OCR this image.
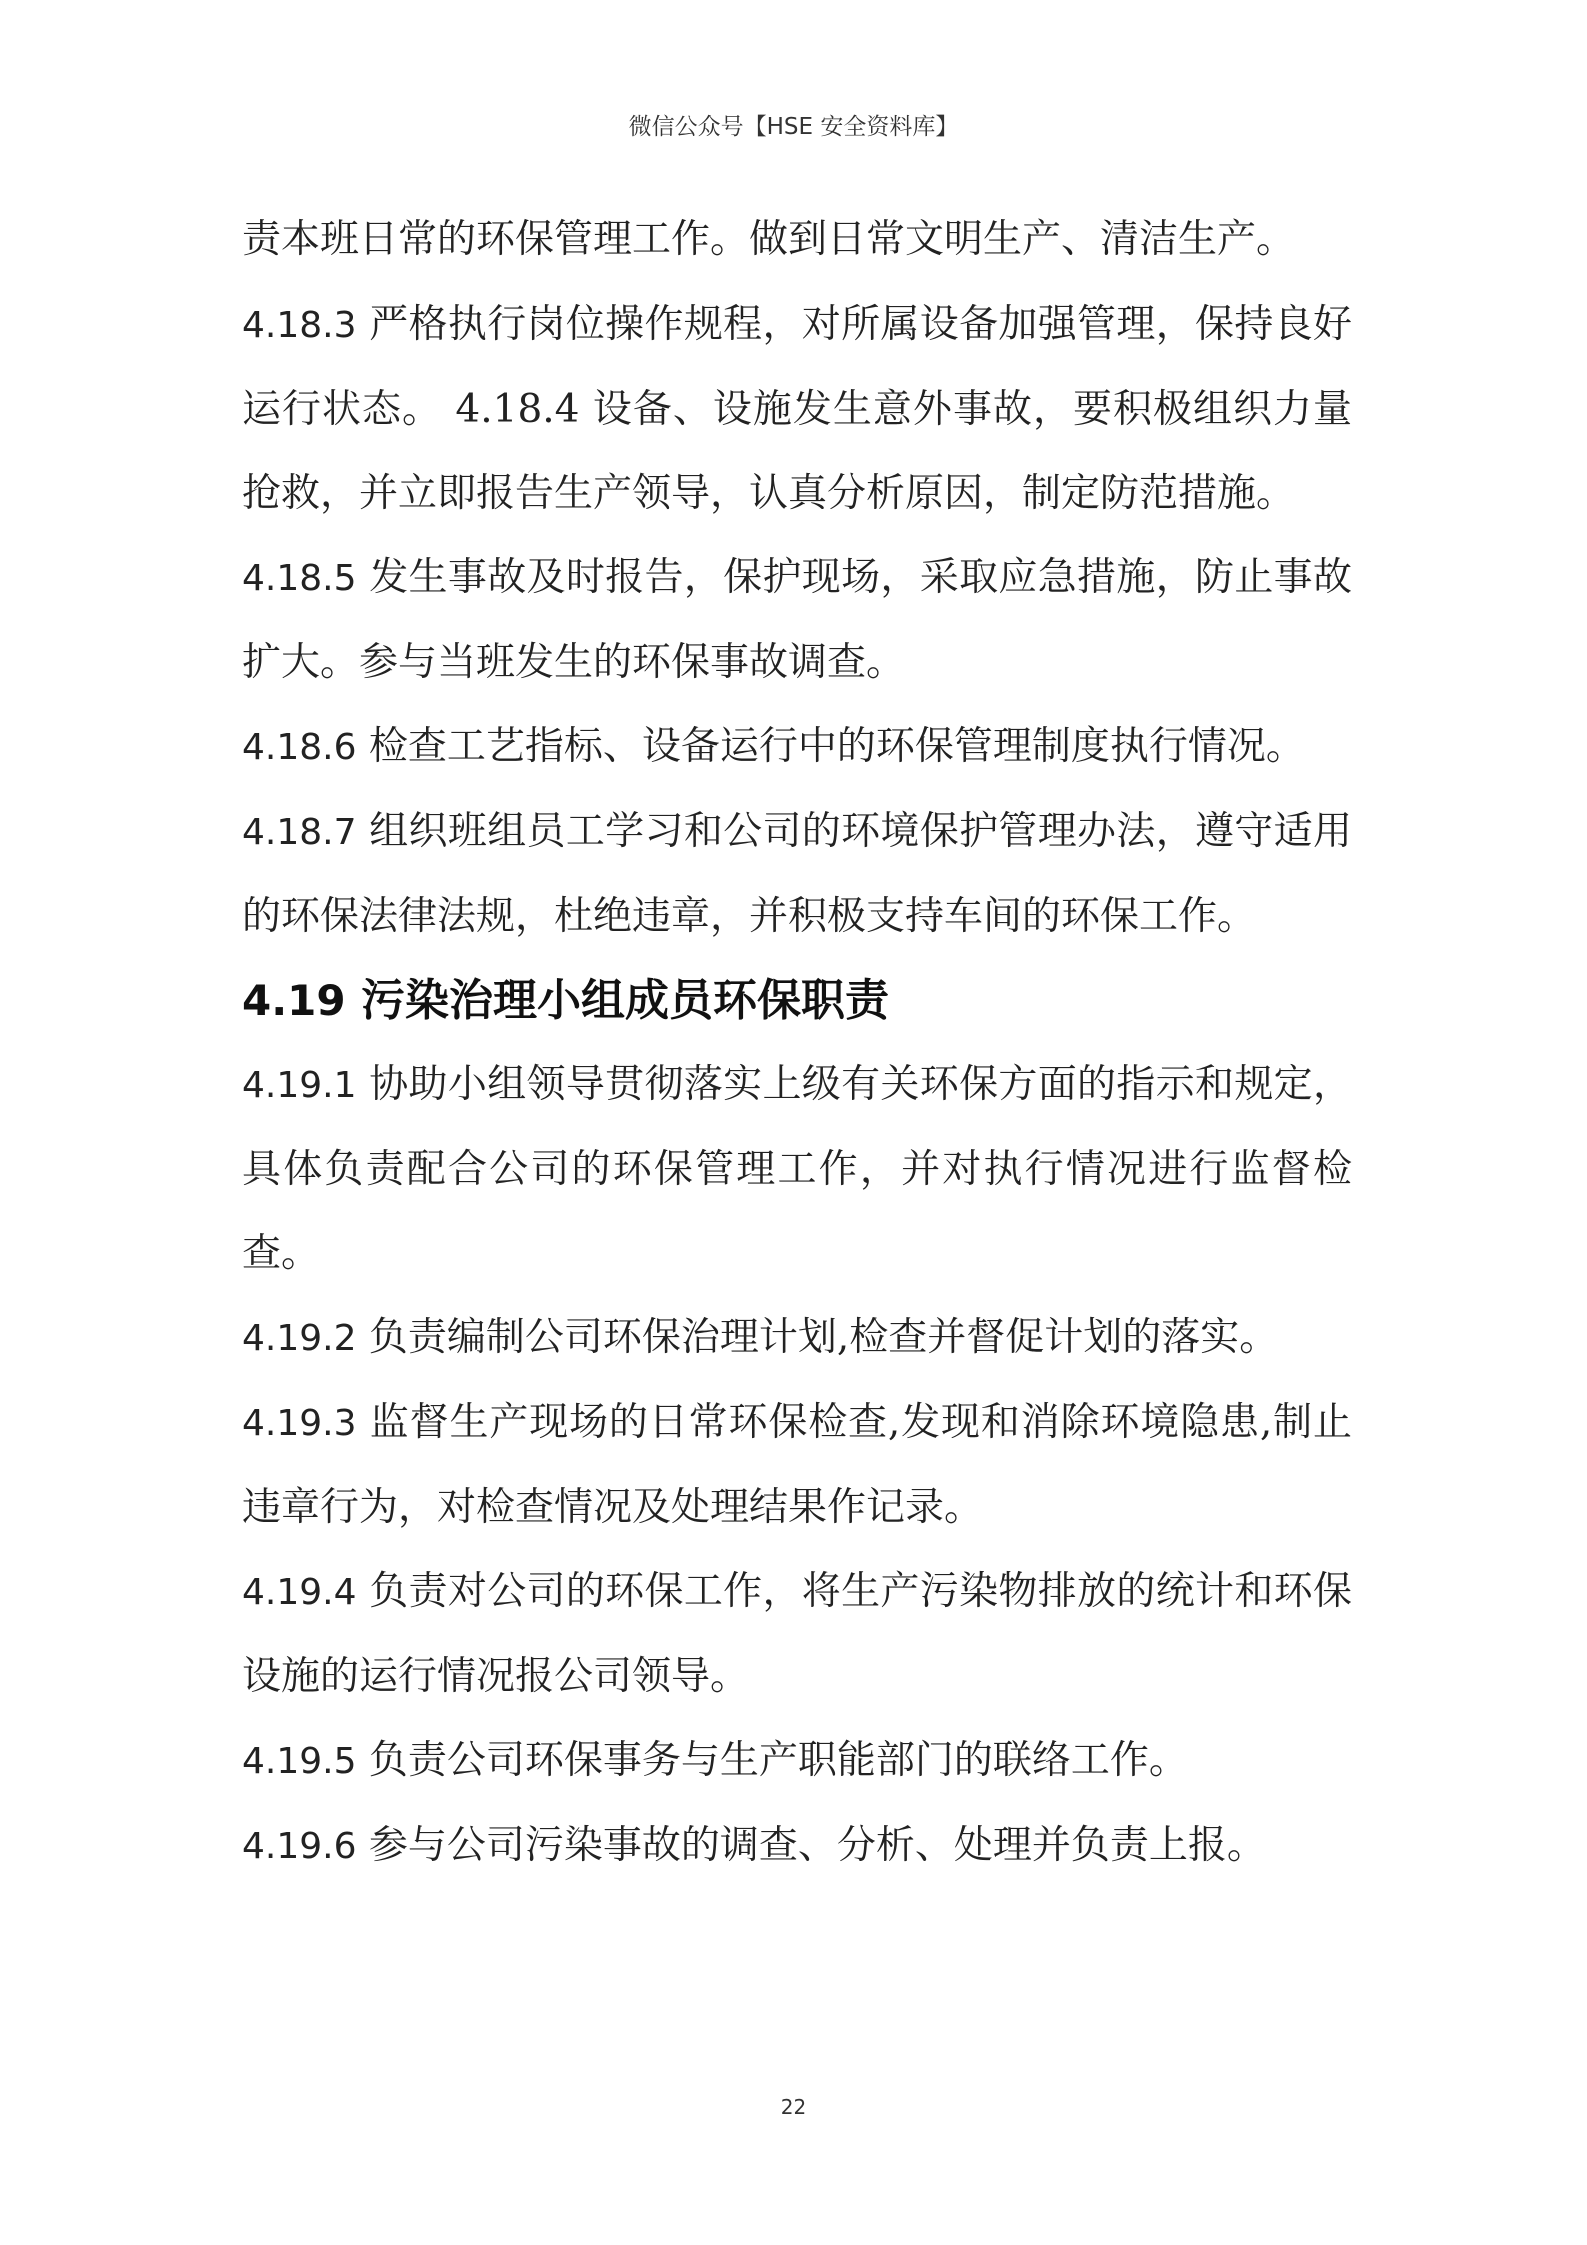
微信公众号【HSE 安全资料库】

责本班日常的环保管理工作。做到日常文明生产、清洁生产。

4.18.3 严格执行岗位操作规程，对所属设备加强管理，保持良好运行状态。 4.18.4 设备、设施发生意外事故，要积极组织力量抢救，并立即报告生产领导，认真分析原因，制定防范措施。

4.18.5 发生事故及时报告，保护现场，采取应急措施，防止事故扩大。参与当班发生的环保事故调查。

4.18.6 检查工艺指标、设备运行中的环保管理制度执行情况。

4.18.7 组织班组员工学习和公司的环境保护管理办法，遵守适用的环保法律法规，杜绝违章，并积极支持车间的环保工作。

4.19 污染治理小组成员环保职责

4.19.1 协助小组领导贯彻落实上级有关环保方面的指示和规定，具体负责配合公司的环保管理工作，并对执行情况进行监督检查。

4.19.2 负责编制公司环保治理计划,检查并督促计划的落实。

4.19.3 监督生产现场的日常环保检查,发现和消除环境隐患,制止违章行为，对检查情况及处理结果作记录。

4.19.4 负责对公司的环保工作，将生产污染物排放的统计和环保设施的运行情况报公司领导。

4.19.5 负责公司环保事务与生产职能部门的联络工作。

4.19.6 参与公司污染事故的调查、分析、处理并负责上报。

22
